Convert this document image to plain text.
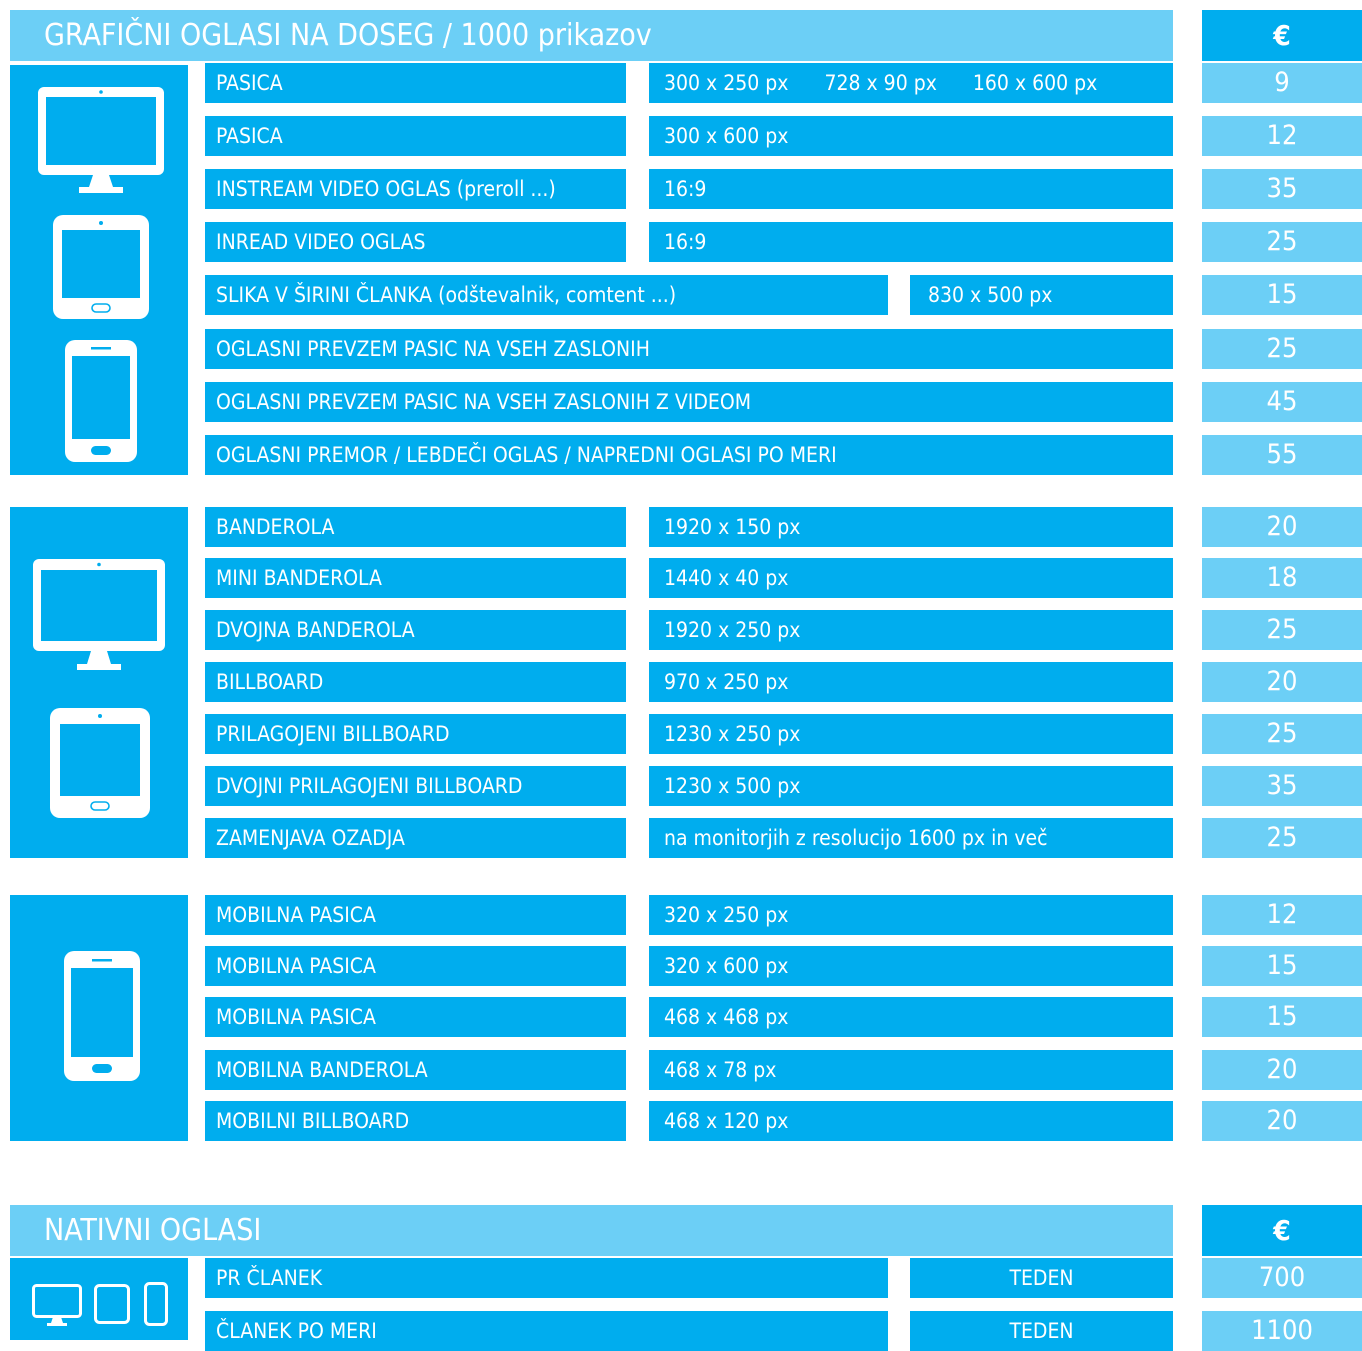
GRAFIČNI OGLASI NA DOSEG / 1000 prikazov	€
PASICA	300 x 250 px 728 x 90 px 160 x 600 px	9
PASICA	300 x 600 px	12
INSTREAM VIDEO OGLAS (preroll ...)	16:9	35
INREAD VIDEO OGLAS	16:9	25
SLIKA V ŠIRINI ČLANKA (odštevalnik, comtent ...)	830 x 500 px	15
OGLASNI PREVZEM PASIC NA VSEH ZASLONIH	25
OGLASNI PREVZEM PASIC NA VSEH ZASLONIH Z VIDEOM	45
OGLASNI PREMOR / LEBDEČI OGLAS / NAPREDNI OGLASI PO MERI	55
BANDEROLA	1920 x 150 px	20
MINI BANDEROLA	1440 x 40 px	18
DVOJNA BANDEROLA	1920 x 250 px	25
BILLBOARD	970 x 250 px	20
PRILAGOJENI BILLBOARD	1230 x 250 px	25
DVOJNI PRILAGOJENI BILLBOARD	1230 x 500 px	35
ZAMENJAVA OZADJA	na monitorjih z resolucijo 1600 px in več	25
MOBILNA PASICA	320 x 250 px	12
MOBILNA PASICA	320 x 600 px	15
MOBILNA PASICA	468 x 468 px	15
MOBILNA BANDEROLA	468 x 78 px	20
MOBILNI BILLBOARD	468 x 120 px	20
NATIVNI OGLASI	€
PR ČLANEK	TEDEN	700
ČLANEK PO MERI	TEDEN	1100
